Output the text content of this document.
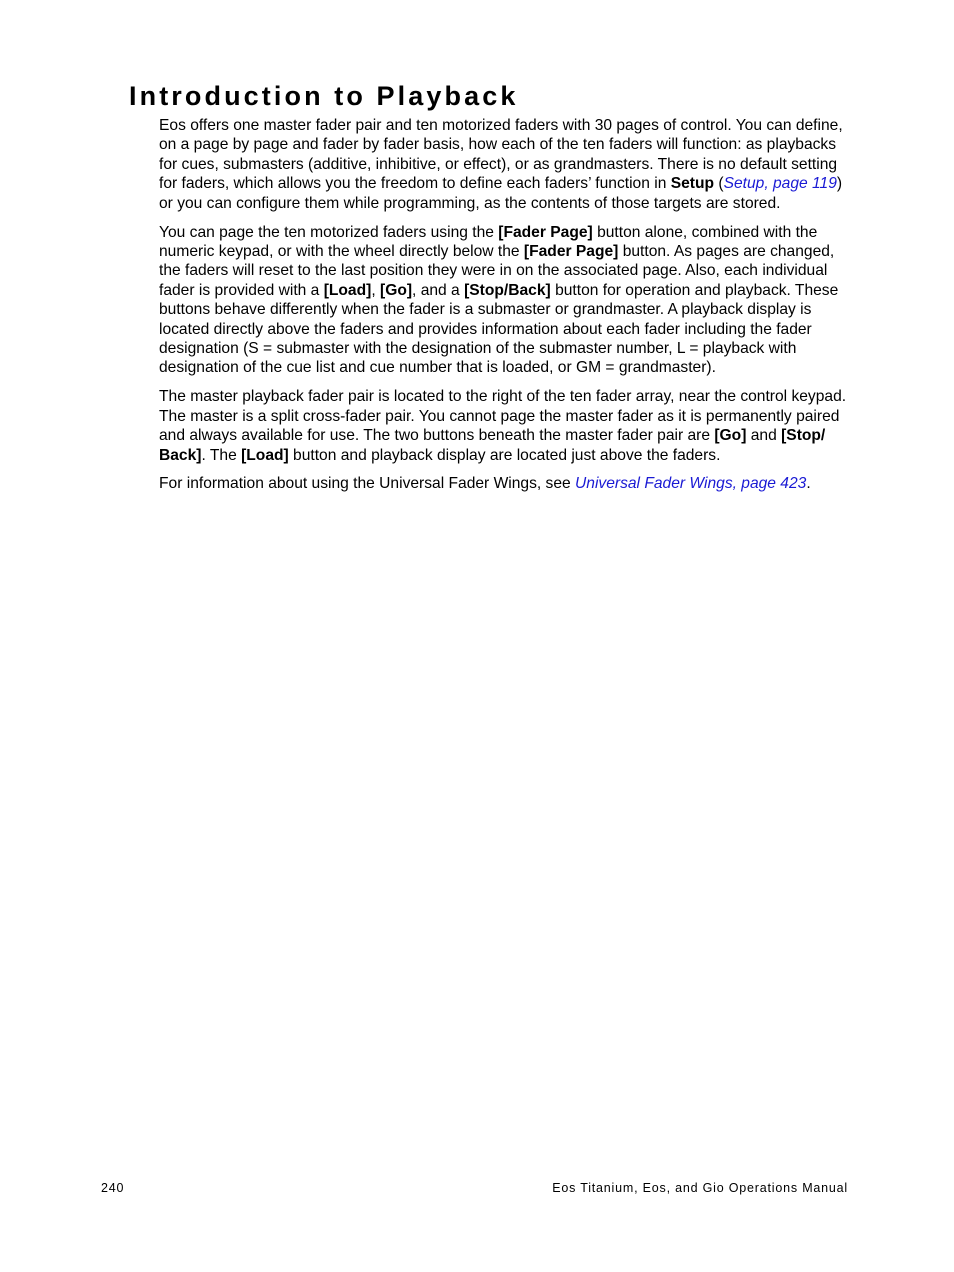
Introduction to Playback

Eos offers one master fader pair and ten motorized faders with 30 pages of control. You can define,
on a page by page and fader by fader basis, how each of the ten faders will function: as playbacks
for cues, submasters (additive, inhibitive, or effect), or as grandmasters. There is no default setting
for faders, which allows you the freedom to define each faders’ function in Setup (Setup, page 119)
or you can configure them while programming, as the contents of those targets are stored.

You can page the ten motorized faders using the [Fader Page] button alone, combined with the
numeric keypad, or with the wheel directly below the [Fader Page] button. As pages are changed,
the faders will reset to the last position they were in on the associated page. Also, each individual
fader is provided with a [Load], [Go], and a [Stop/Back] button for operation and playback. These
buttons behave differently when the fader is a submaster or grandmaster. A playback display is
located directly above the faders and provides information about each fader including the fader
designation (S = submaster with the designation of the submaster number, L = playback with
designation of the cue list and cue number that is loaded, or GM = grandmaster).

The master playback fader pair is located to the right of the ten fader array, near the control keypad.
The master is a split cross-fader pair. You cannot page the master fader as it is permanently paired
and always available for use. The two buttons beneath the master fader pair are [Go] and [Stop/
Back]. The [Load] button and playback display are located just above the faders.

For information about using the Universal Fader Wings, see Universal Fader Wings, page 423.

240	Eos Titanium, Eos, and Gio Operations Manual
